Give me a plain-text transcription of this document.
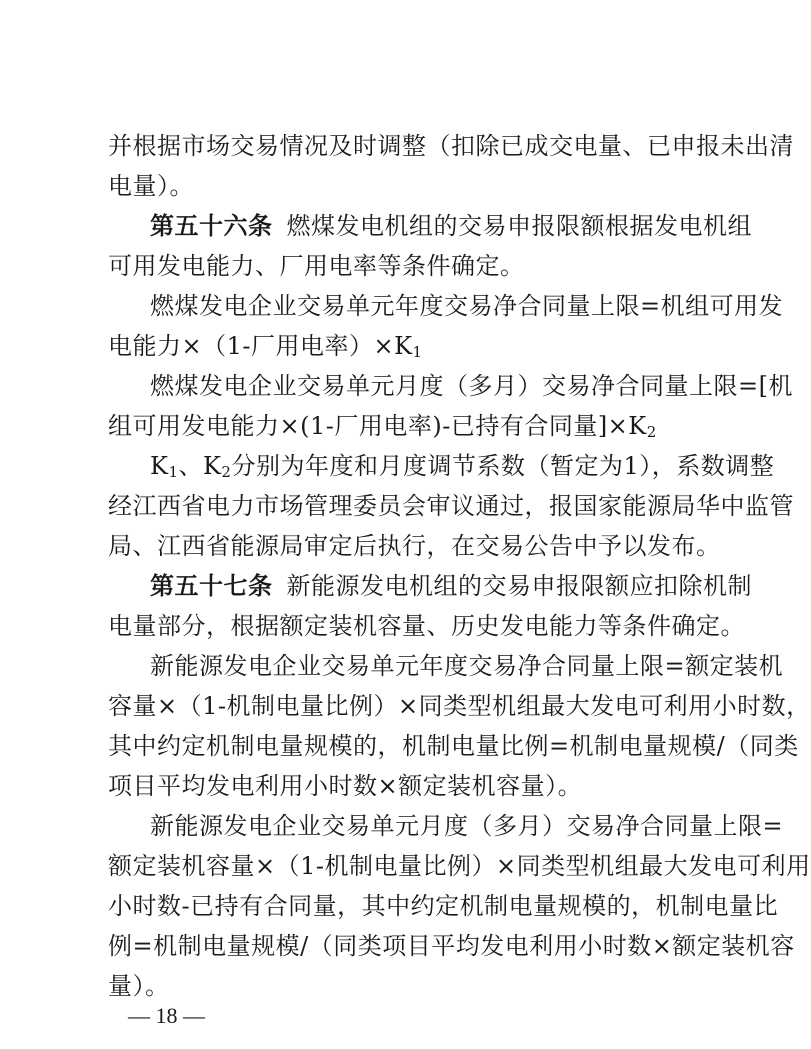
并根据市场交易情况及时调整（扣除已成交电量、已申报未出清
电量）。
第五十六条 燃煤发电机组的交易申报限额根据发电机组
可用发电能力、厂用电率等条件确定。
燃煤发电企业交易单元年度交易净合同量上限=机组可用发
电能力×（1-厂用电率）$\times K_1$
燃煤发电企业交易单元月度（多月）交易净合同量上限=[机
组可用发电能力×(1-厂用电率)-已持有合同量]$\times K_2$
$K_1$、$K_2$分别为年度和月度调节系数（暂定为1），系数调整
经江西省电力市场管理委员会审议通过，报国家能源局华中监管
局、江西省能源局审定后执行，在交易公告中予以发布。
第五十七条 新能源发电机组的交易申报限额应扣除机制
电量部分，根据额定装机容量、历史发电能力等条件确定。
新能源发电企业交易单元年度交易净合同量上限=额定装机
容量×（1-机制电量比例）×同类型机组最大发电可利用小时数，
其中约定机制电量规模的，机制电量比例=机制电量规模/（同类
项目平均发电利用小时数×额定装机容量）。
新能源发电企业交易单元月度（多月）交易净合同量上限=
额定装机容量×（1-机制电量比例）×同类型机组最大发电可利用
小时数-已持有合同量，其中约定机制电量规模的，机制电量比
例=机制电量规模/（同类项目平均发电利用小时数×额定装机容
量）。
— 18 —
